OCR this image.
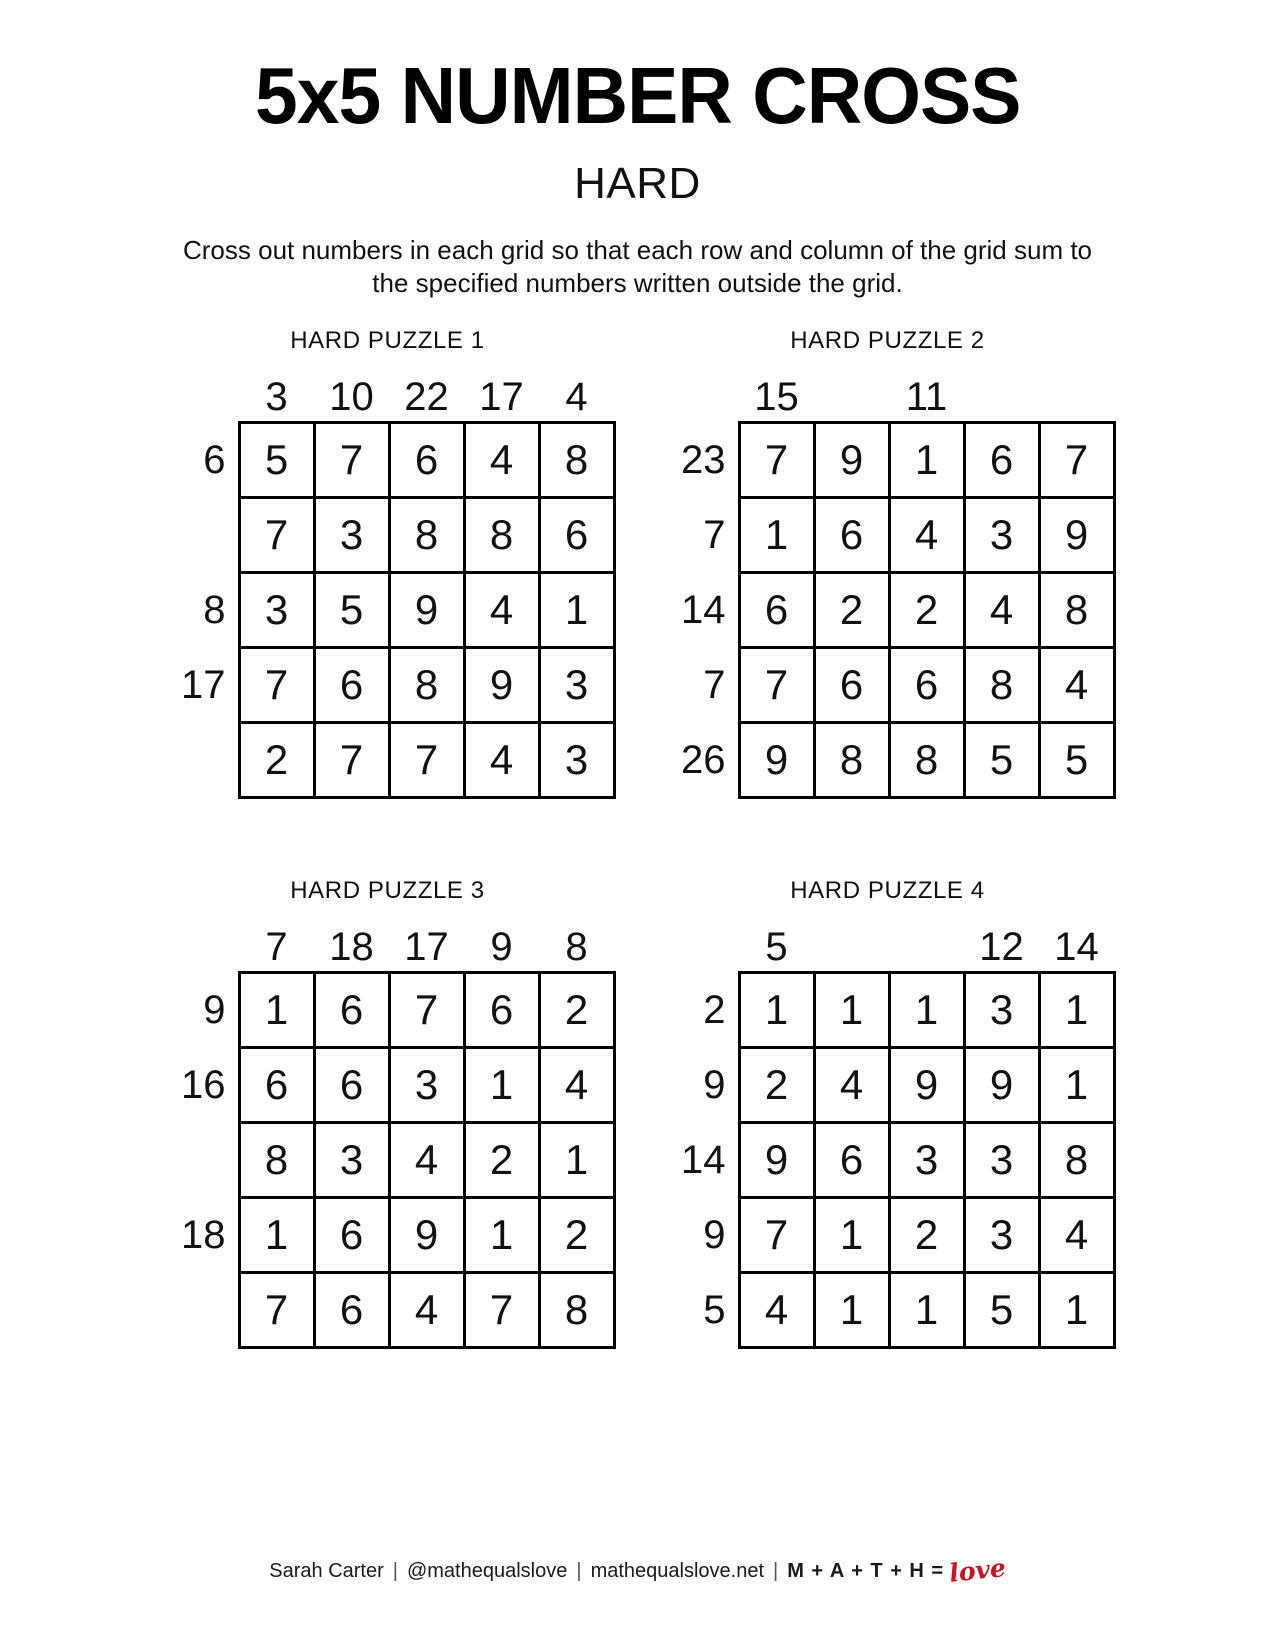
5x5 NUMBER CROSS
HARD
Cross out numbers in each grid so that each row and column of the grid sum to the specified numbers written outside the grid.
HARD PUZZLE 1
	3	10	22	17	4
6	5	7	6	4	8
	7	3	8	8	6
8	3	5	9	4	1
17	7	6	8	9	3
	2	7	7	4	3
HARD PUZZLE 2
	15		11		
23	7	9	1	6	7
7	1	6	4	3	9
14	6	2	2	4	8
7	7	6	6	8	4
26	9	8	8	5	5
HARD PUZZLE 3
	7	18	17	9	8
9	1	6	7	6	2
16	6	6	3	1	4
	8	3	4	2	1
18	1	6	9	1	2
	7	6	4	7	8
HARD PUZZLE 4
	5			12	14
2	1	1	1	3	1
9	2	4	9	9	1
14	9	6	3	3	8
9	7	1	2	3	4
5	4	1	1	5	1
Sarah Carter | @mathequalslove | mathequalslove.net | M + A + T + H = love
